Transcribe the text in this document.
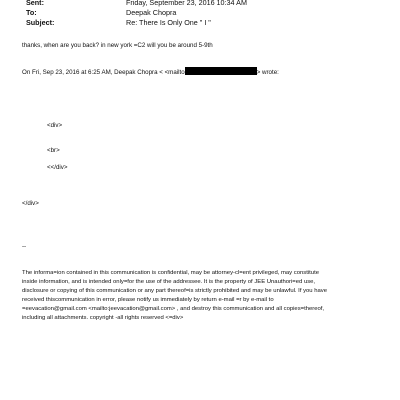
Sent:	Friday, September 23, 2016 10:34 AM
To:	Deepak Chopra
Subject:	Re: There Is Only One " I "
thanks, when are you back? in new york =C2 will you be around 5-9th
On Fri, Sep 23, 2016 at 6:25 AM, Deepak Chopra < <mailto	> wrote:
<div>
<br>
<</div>
</div>
--
The informa=ion contained in this communication is confidential, may be attorney-cl=ent privileged, may constitute
inside information, and is intended only=for the use of the addressee. It is the property of JEE Unauthori=ed use,
disclosure or copying of this communication or any part thereof=is strictly prohibited and may be unlawful. If you have
received thiscommunication in error, please notify us immediately by return e-mail =r by e-mail to
=eevacation@gmail.com <mailto:jeevacation@gmail.com> , and destroy this communication and all copies=thereof,
including all attachments. copyright -all rights reserved <=div>
